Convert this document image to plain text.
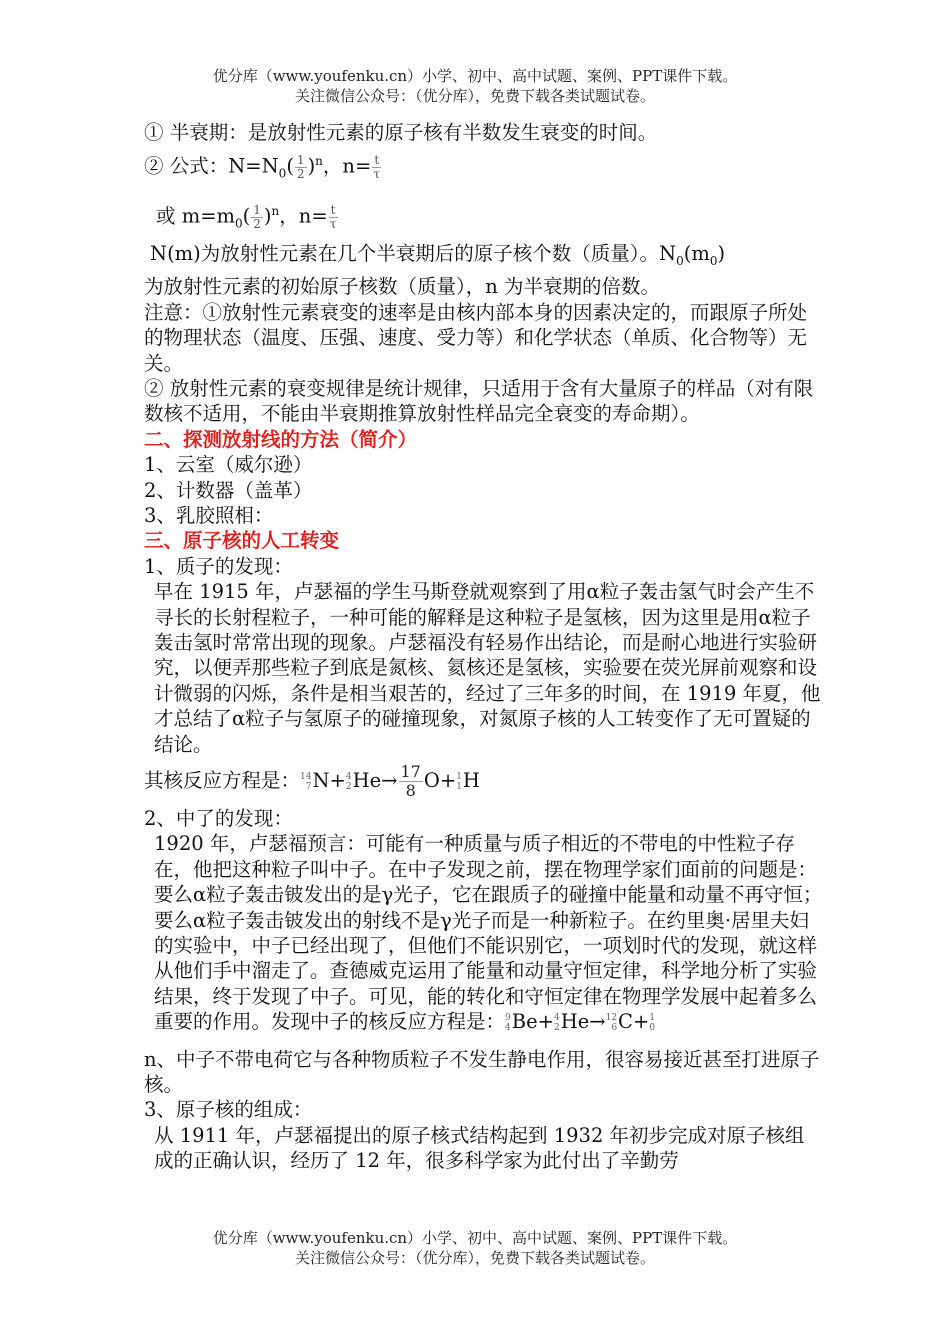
优分库（www.youfenku.cn）小学、初中、高中试题、案例、PPT课件下载。
关注微信公众号：（优分库），免费下载各类试题试卷。

① 半衰期：是放射性元素的原子核有半数发生衰变的时间。

② 公式：$N=N_0( \frac{1}{2} )^n$，$n= \frac{t}{\tau}$

或 $m=m_0( \frac{1}{2} )^n$，$n= \frac{t}{\tau}$

N(m)为放射性元素在几个半衰期后的原子核个数（质量）。$N_0(m_0)$

为放射性元素的初始原子核数（质量），n 为半衰期的倍数。

注意：①放射性元素衰变的速率是由核内部本身的因素决定的，而跟原子所处的物理状态（温度、压强、速度、受力等）和化学状态（单质、化合物等）无关。

② 放射性元素的衰变规律是统计规律，只适用于含有大量原子的样品（对有限数核不适用，不能由半衰期推算放射性样品完全衰变的寿命期）。

二、探测放射线的方法（简介）

1、云室（威尔逊）

2、计数器（盖革）

3、乳胶照相：

三、原子核的人工转变

1、质子的发现：

早在 1915 年，卢瑟福的学生马斯登就观察到了用α粒子轰击氢气时会产生不寻长的长射程粒子，一种可能的解释是这种粒子是氢核，因为这里是用α粒子轰击氢时常常出现的现象。卢瑟福没有轻易作出结论，而是耐心地进行实验研究，以便弄那些粒子到底是氮核、氦核还是氢核，实验要在荧光屏前观察和设计微弱的闪烁，条件是相当艰苦的，经过了三年多的时间，在 1919 年夏，他才总结了α粒子与氢原子的碰撞现象，对氮原子核的人工转变作了无可置疑的结论。

其核反应方程是： 14
7 N+ 4
2 $He\to \frac{17}{8} O+ 1$
1 H

2、中了的发现：

1920 年，卢瑟福预言：可能有一种质量与质子相近的不带电的中性粒子存在，他把这种粒子叫中子。在中子发现之前，摆在物理学家们面前的问题是：要么α粒子轰击铍发出的是γ光子，它在跟质子的碰撞中能量和动量不再守恒；要么α粒子轰击铍发出的射线不是γ光子而是一种新粒子。在约里奥·居里夫妇的实验中，中子已经出现了，但他们不能识别它，一项划时代的发现，就这样从他们手中溜走了。查德威克运用了能量和动量守恒定律，科学地分析了实验结果，终于发现了中子。可见，能的转化和守恒定律在物理学发展中起着多么重要的作用。发现中子的核反应方程是： 9
4 Be+ 4
2 He→ 12
6 C+ 1
0

n、中子不带电荷它与各种物质粒子不发生静电作用，很容易接近甚至打进原子核。

3、原子核的组成：

从 1911 年，卢瑟福提出的原子核式结构起到 1932 年初步完成对原子核组成的正确认识，经历了 12 年，很多科学家为此付出了辛勤劳

优分库（www.youfenku.cn）小学、初中、高中试题、案例、PPT课件下载。
关注微信公众号：（优分库），免费下载各类试题试卷。
